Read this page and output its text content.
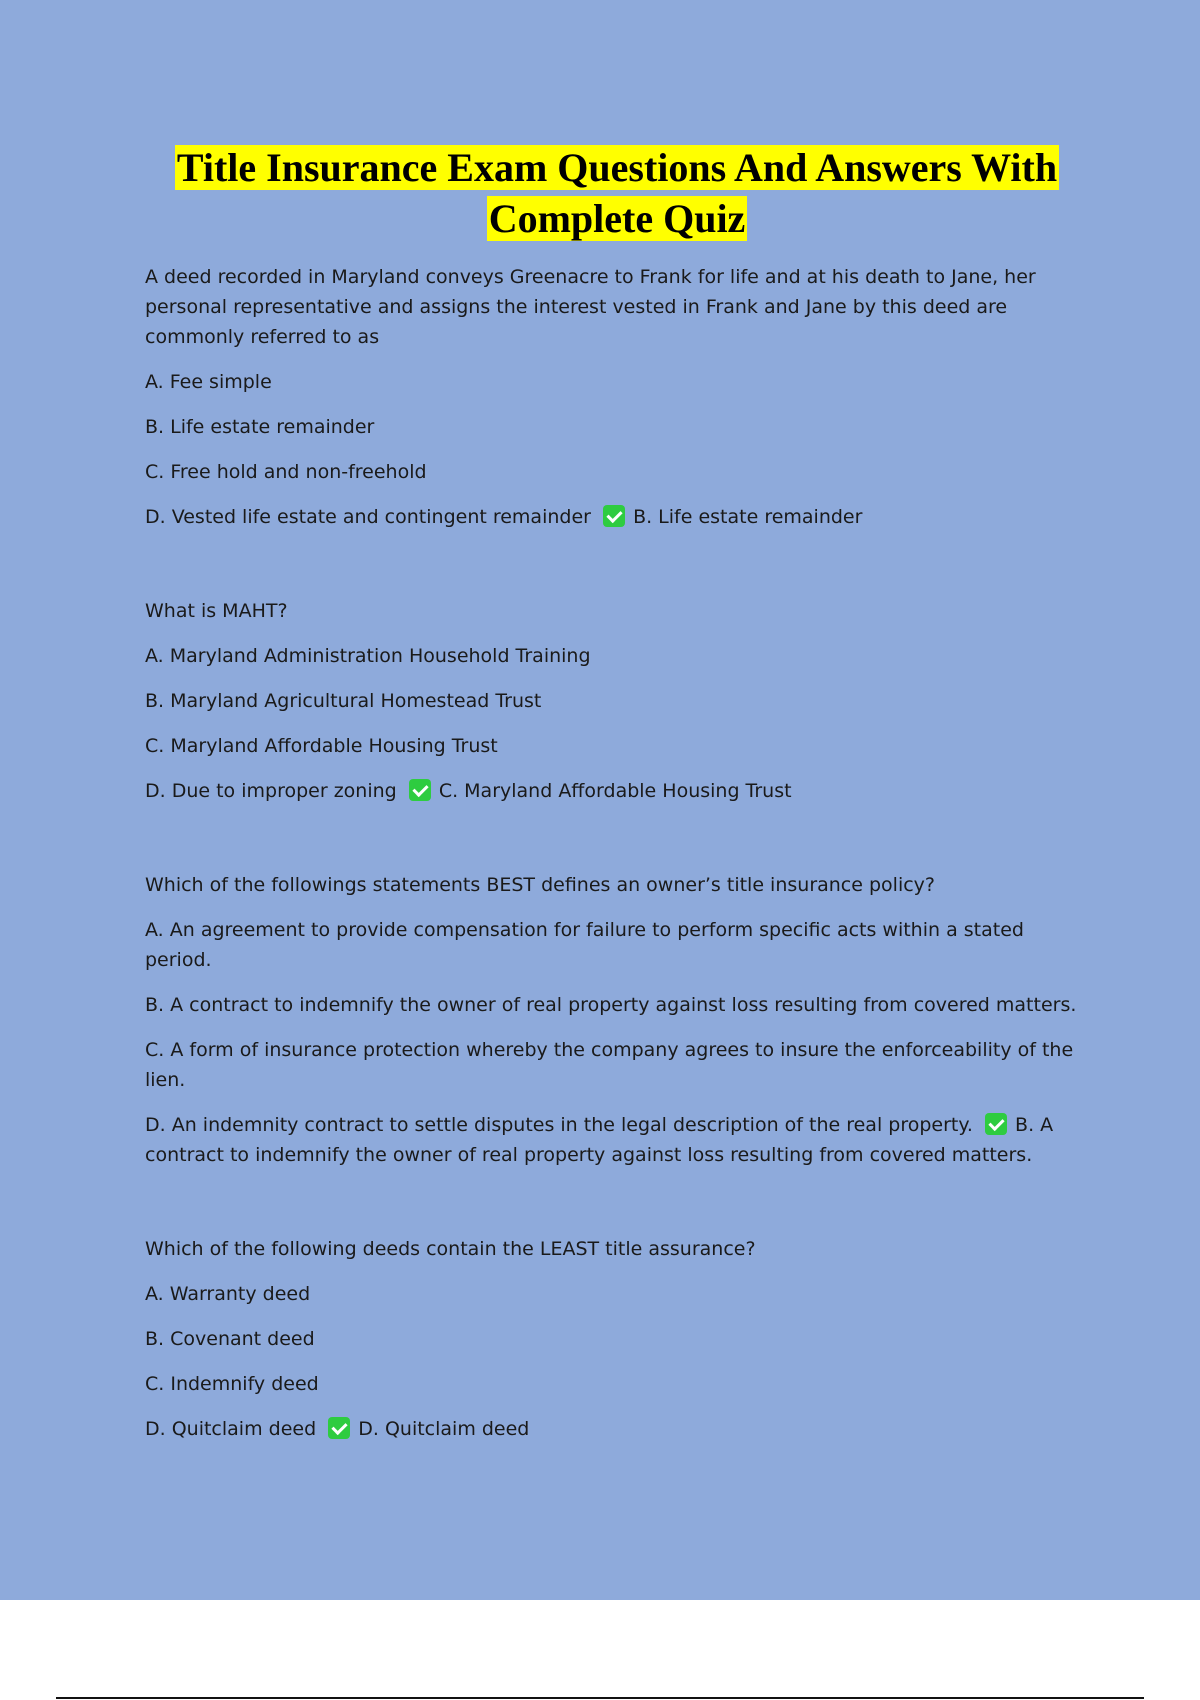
Title Insurance Exam Questions And Answers With
Complete Quiz

A deed recorded in Maryland conveys Greenacre to Frank for life and at his death to Jane, her personal representative and assigns the interest vested in Frank and Jane by this deed are commonly referred to as

A. Fee simple

B. Life estate remainder

C. Free hold and non-freehold

D. Vested life estate and contingent remainder B. Life estate remainder

What is MAHT?

A. Maryland Administration Household Training

B. Maryland Agricultural Homestead Trust

C. Maryland Affordable Housing Trust

D. Due to improper zoning C. Maryland Affordable Housing Trust

Which of the followings statements BEST defines an owner’s title insurance policy?

A. An agreement to provide compensation for failure to perform specific acts within a stated period.

B. A contract to indemnify the owner of real property against loss resulting from covered matters.

C. A form of insurance protection whereby the company agrees to insure the enforceability of the lien.

D. An indemnity contract to settle disputes in the legal description of the real property. B. A contract to indemnify the owner of real property against loss resulting from covered matters.

Which of the following deeds contain the LEAST title assurance?

A. Warranty deed

B. Covenant deed

C. Indemnify deed

D. Quitclaim deed D. Quitclaim deed
